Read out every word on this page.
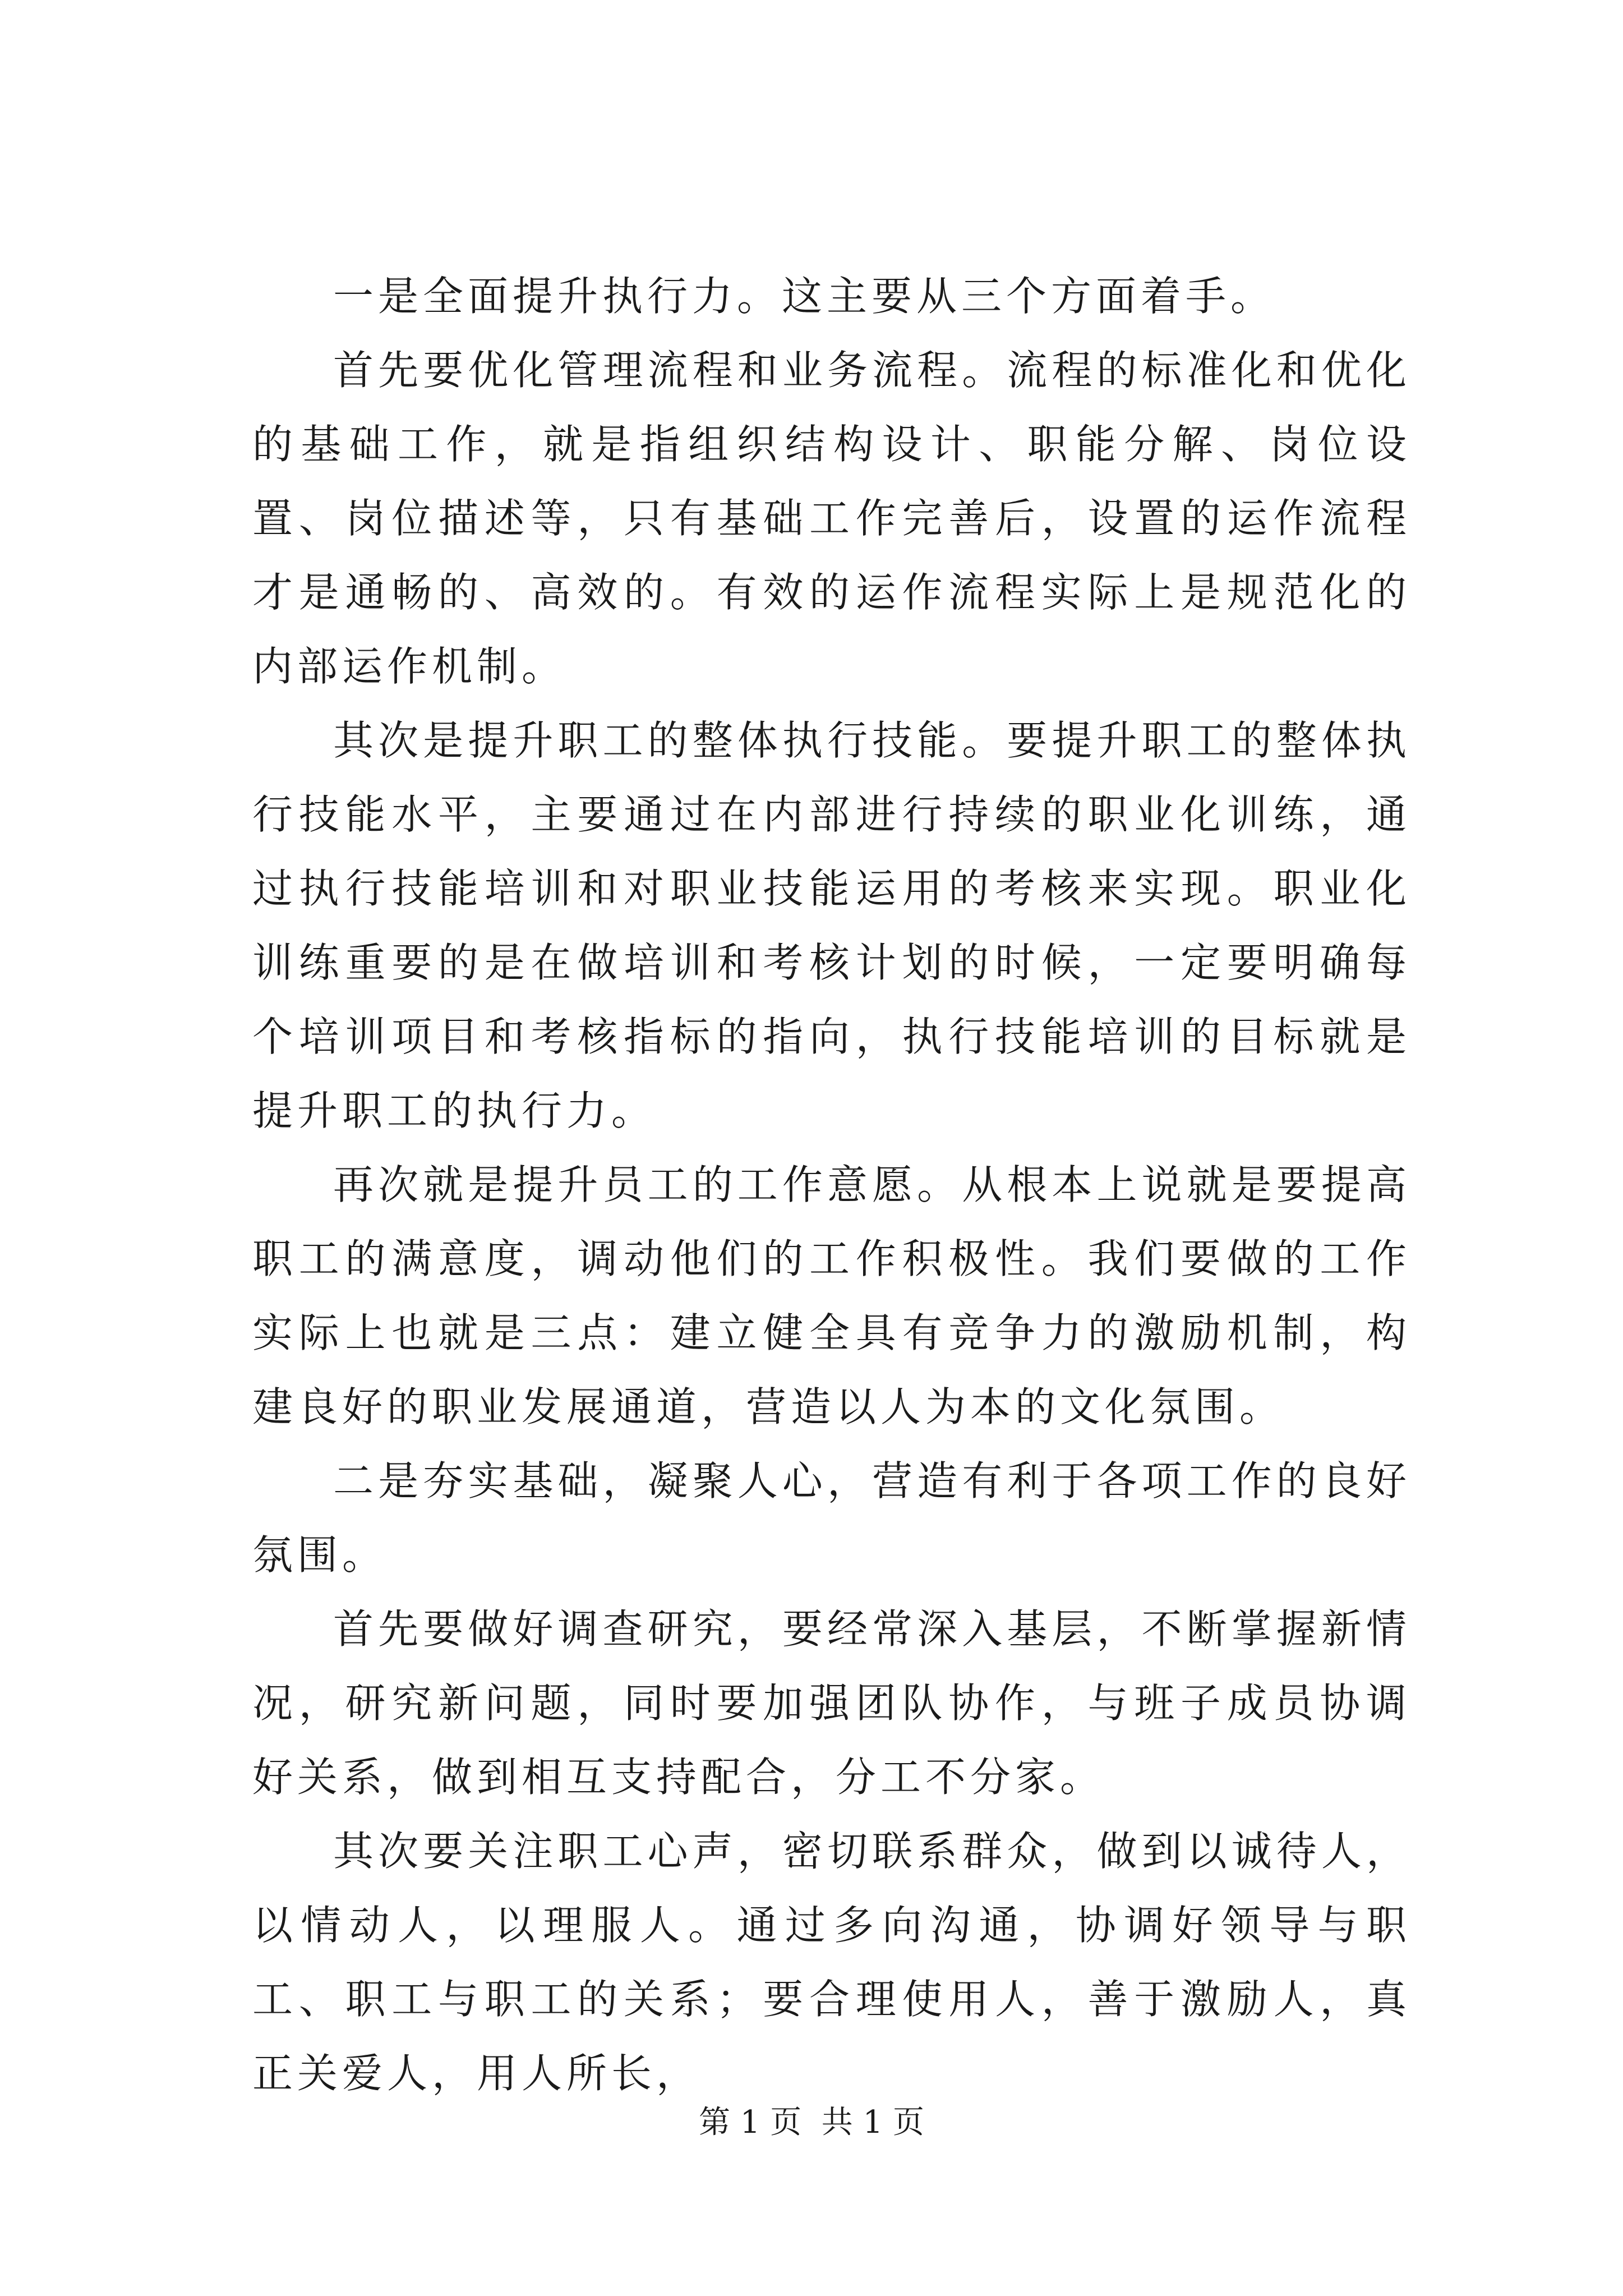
一是全面提升执行力。这主要从三个方面着手。

首先要优化管理流程和业务流程。流程的标准化和优化的基础工作，就是指组织结构设计、职能分解、岗位设置、岗位描述等，只有基础工作完善后，设置的运作流程才是通畅的、高效的。有效的运作流程实际上是规范化的内部运作机制。

其次是提升职工的整体执行技能。要提升职工的整体执行技能水平，主要通过在内部进行持续的职业化训练，通过执行技能培训和对职业技能运用的考核来实现。职业化训练重要的是在做培训和考核计划的时候，一定要明确每个培训项目和考核指标的指向，执行技能培训的目标就是提升职工的执行力。

再次就是提升员工的工作意愿。从根本上说就是要提高职工的满意度，调动他们的工作积极性。我们要做的工作实际上也就是三点：建立健全具有竞争力的激励机制，构建良好的职业发展通道，营造以人为本的文化氛围。

二是夯实基础，凝聚人心，营造有利于各项工作的良好氛围。

首先要做好调查研究，要经常深入基层，不断掌握新情况，研究新问题，同时要加强团队协作，与班子成员协调好关系，做到相互支持配合，分工不分家。

其次要关注职工心声，密切联系群众，做到以诚待人，以情动人，以理服人。通过多向沟通，协调好领导与职工、职工与职工的关系；要合理使用人，善于激励人，真正关爱人，用人所长，

第 1 页  共 1 页
